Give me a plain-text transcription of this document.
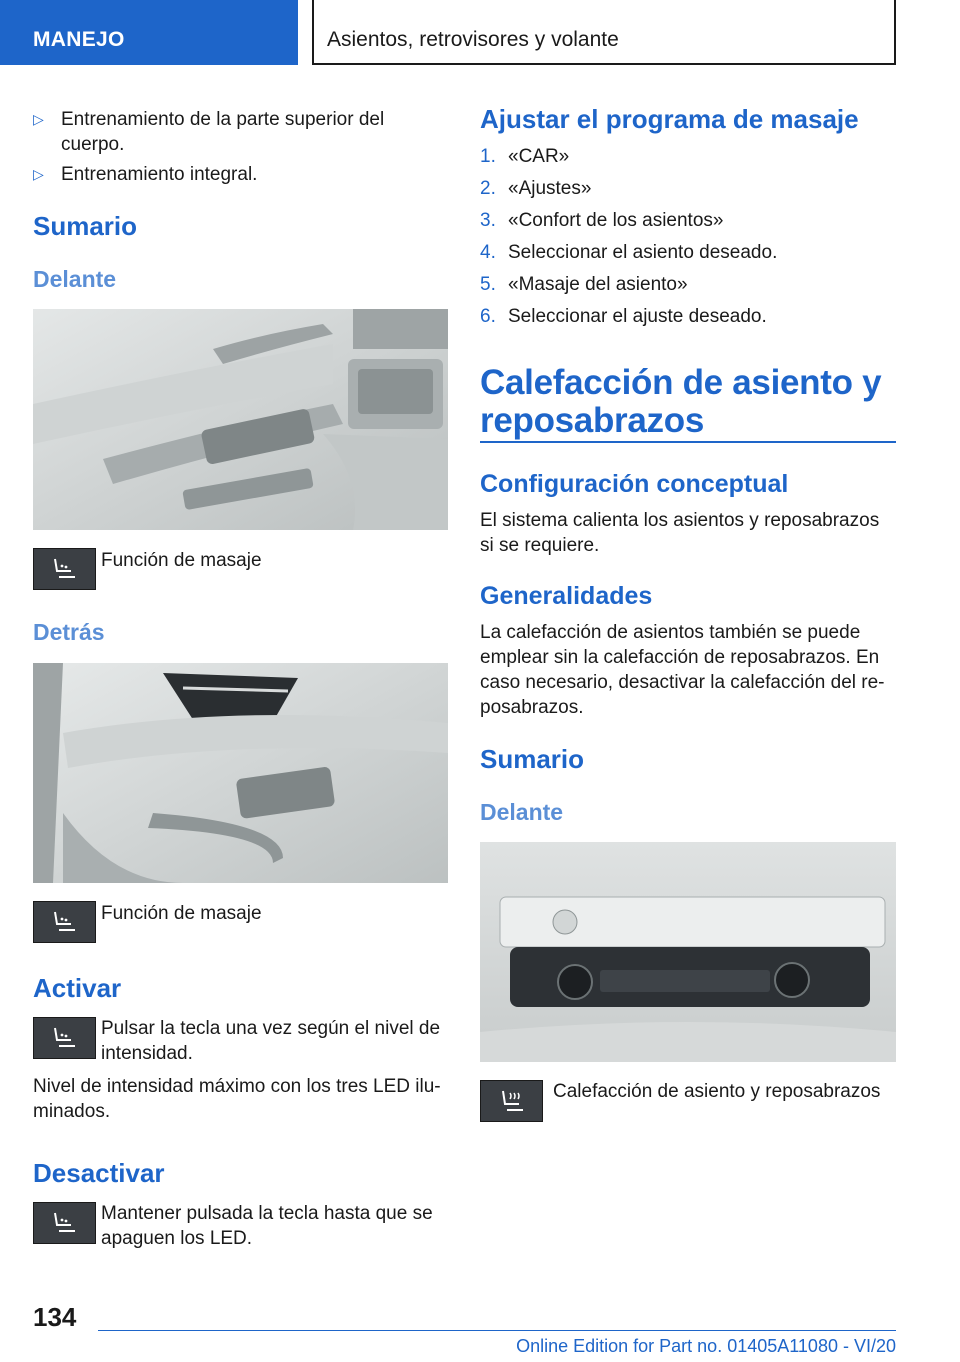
MANEJO	Asientos, retrovisores y volante
▷ Entrenamiento de la parte superior del cuerpo.
▷ Entrenamiento integral.
Sumario
Delante
Función de masaje
Detrás
Función de masaje
Activar
Pulsar la tecla una vez según el nivel de intensidad.
Nivel de intensidad máximo con los tres LED ilu‐minados.
Desactivar
Mantener pulsada la tecla hasta que se apaguen los LED.
Ajustar el programa de masaje
1. «CAR»
2. «Ajustes»
3. «Confort de los asientos»
4. Seleccionar el asiento deseado.
5. «Masaje del asiento»
6. Seleccionar el ajuste deseado.
Calefacción de asiento y reposabrazos
Configuración conceptual
El sistema calienta los asientos y reposabrazos si se requiere.
Generalidades
La calefacción de asientos también se puede emplear sin la calefacción de reposabrazos. En caso necesario, desactivar la calefacción del re‐posabrazos.
Sumario
Delante
Calefacción de asiento y reposabrazos
134
Online Edition for Part no. 01405A11080 - VI/20
